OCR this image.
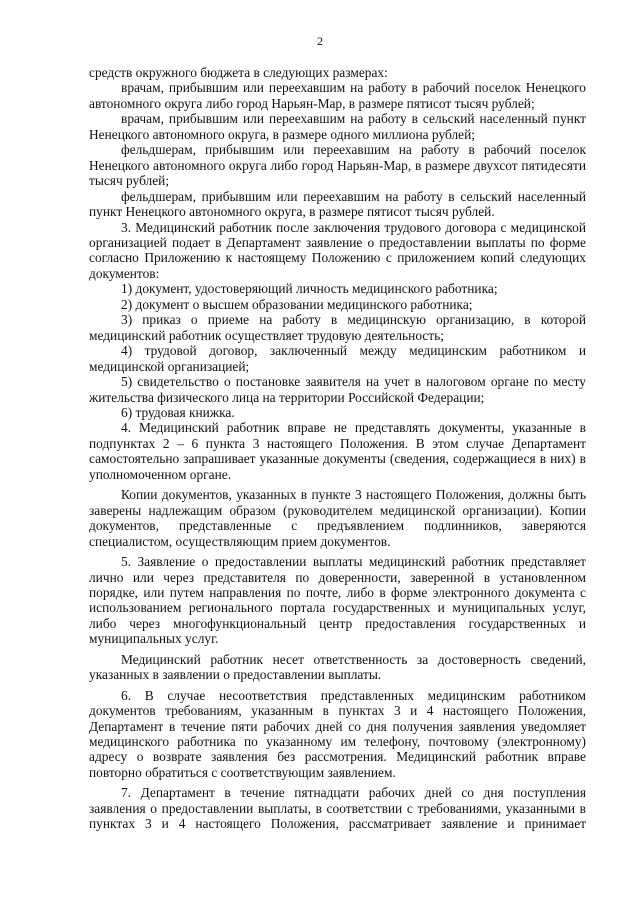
2

средств окружного бюджета в следующих размерах:

врачам, прибывшим или переехавшим на работу в рабочий поселок Ненецкого автономного округа либо город Нарьян-Мар, в размере пятисот тысяч рублей;

врачам, прибывшим или переехавшим на работу в сельский населенный пункт Ненецкого автономного округа, в размере одного миллиона рублей;

фельдшерам, прибывшим или переехавшим на работу в рабочий поселок Ненецкого автономного округа либо город Нарьян-Мар, в размере двухсот пятидесяти тысяч рублей;

фельдшерам, прибывшим или переехавшим на работу в сельский населенный пункт Ненецкого автономного округа, в размере пятисот тысяч рублей.

3. Медицинский работник после заключения трудового договора с медицинской организацией подает в Департамент заявление о предоставлении выплаты по форме согласно Приложению к настоящему Положению с приложением копий следующих документов:

1) документ, удостоверяющий личность медицинского работника;

2) документ о высшем образовании медицинского работника;

3) приказ о приеме на работу в медицинскую организацию, в которой медицинский работник осуществляет трудовую деятельность;

4) трудовой договор, заключенный между медицинским работником и медицинской организацией;

5) свидетельство о постановке заявителя на учет в налоговом органе по месту жительства физического лица на территории Российской Федерации;

6) трудовая книжка.

4. Медицинский работник вправе не представлять документы, указанные в подпунктах 2 – 6 пункта 3 настоящего Положения. В этом случае Департамент самостоятельно запрашивает указанные документы (сведения, содержащиеся в них) в уполномоченном органе.

Копии документов, указанных в пункте 3 настоящего Положения, должны быть заверены надлежащим образом (руководителем медицинской организации). Копии документов, представленные с предъявлением подлинников, заверяются специалистом, осуществляющим прием документов.

5. Заявление о предоставлении выплаты медицинский работник представляет лично или через представителя по доверенности, заверенной в установленном порядке, или путем направления по почте, либо в форме электронного документа с использованием регионального портала государственных и муниципальных услуг, либо через многофункциональный центр предоставления государственных и муниципальных услуг.

Медицинский работник несет ответственность за достоверность сведений, указанных в заявлении о предоставлении выплаты.

6. В случае несоответствия представленных медицинским работником документов требованиям, указанным в пунктах 3 и 4 настоящего Положения, Департамент в течение пяти рабочих дней со дня получения заявления уведомляет медицинского работника по указанному им телефону, почтовому (электронному) адресу о возврате заявления без рассмотрения. Медицинский работник вправе повторно обратиться с соответствующим заявлением.

7. Департамент в течение пятнадцати рабочих дней со дня поступления заявления о предоставлении выплаты, в соответствии с требованиями, указанными в пунктах 3 и 4 настоящего Положения, рассматривает заявление и принимает
